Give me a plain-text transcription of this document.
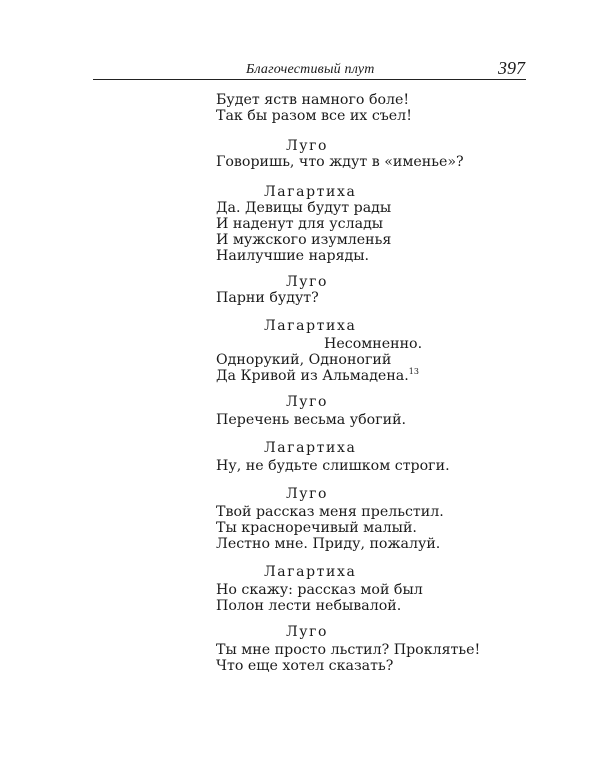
Благочестивый плут	397
Будет яств намного боле!
Так бы разом все их съел!
Луго
Говоришь, что ждут в «именье»?
Лагартиха
Да. Девицы будут рады
И наденут для услады
И мужского изумленья
Наилучшие наряды.
Луго
Парни будут?
Лагартиха
Несомненно.
Однорукий, Одноногий
Да Кривой из Альмадена.$^{13}$
Луго
Перечень весьма убогий.
Лагартиха
Ну, не будьте слишком строги.
Луго
Твой рассказ меня прельстил.
Ты красноречивый малый.
Лестно мне. Приду, пожалуй.
Лагартиха
Но скажу: рассказ мой был
Полон лести небывалой.
Луго
Ты мне просто льстил? Проклятье!
Что еще хотел сказать?
